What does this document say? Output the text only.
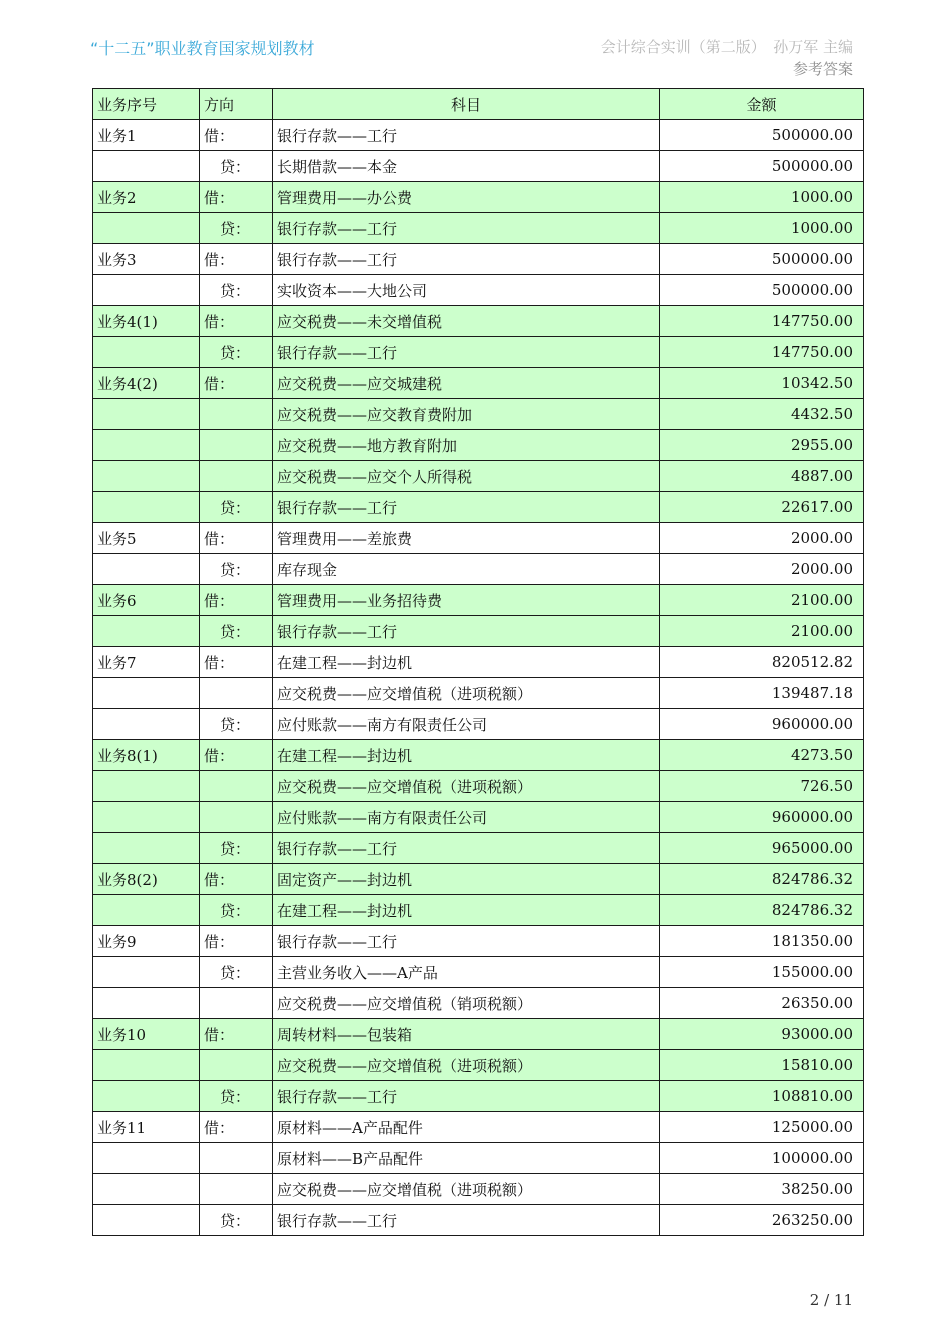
“十二五”职业教育国家规划教材	会计综合实训（第二版）　孙万军 主编
参考答案
业务序号	方向	科目	金额
业务1	借：	银行存款——工行	500000.00
	贷：	长期借款——本金	500000.00
业务2	借：	管理费用——办公费	1000.00
	贷：	银行存款——工行	1000.00
业务3	借：	银行存款——工行	500000.00
	贷：	实收资本——大地公司	500000.00
业务4(1)	借：	应交税费——未交增值税	147750.00
	贷：	银行存款——工行	147750.00
业务4(2)	借：	应交税费——应交城建税	10342.50
		应交税费——应交教育费附加	4432.50
		应交税费——地方教育附加	2955.00
		应交税费——应交个人所得税	4887.00
	贷：	银行存款——工行	22617.00
业务5	借：	管理费用——差旅费	2000.00
	贷：	库存现金	2000.00
业务6	借：	管理费用——业务招待费	2100.00
	贷：	银行存款——工行	2100.00
业务7	借：	在建工程——封边机	820512.82
		应交税费——应交增值税（进项税额）	139487.18
	贷：	应付账款——南方有限责任公司	960000.00
业务8(1)	借：	在建工程——封边机	4273.50
		应交税费——应交增值税（进项税额）	726.50
		应付账款——南方有限责任公司	960000.00
	贷：	银行存款——工行	965000.00
业务8(2)	借：	固定资产——封边机	824786.32
	贷：	在建工程——封边机	824786.32
业务9	借：	银行存款——工行	181350.00
	贷：	主营业务收入——A产品	155000.00
		应交税费——应交增值税（销项税额）	26350.00
业务10	借：	周转材料——包装箱	93000.00
		应交税费——应交增值税（进项税额）	15810.00
	贷：	银行存款——工行	108810.00
业务11	借：	原材料——A产品配件	125000.00
		原材料——B产品配件	100000.00
		应交税费——应交增值税（进项税额）	38250.00
	贷：	银行存款——工行	263250.00
2 / 11
